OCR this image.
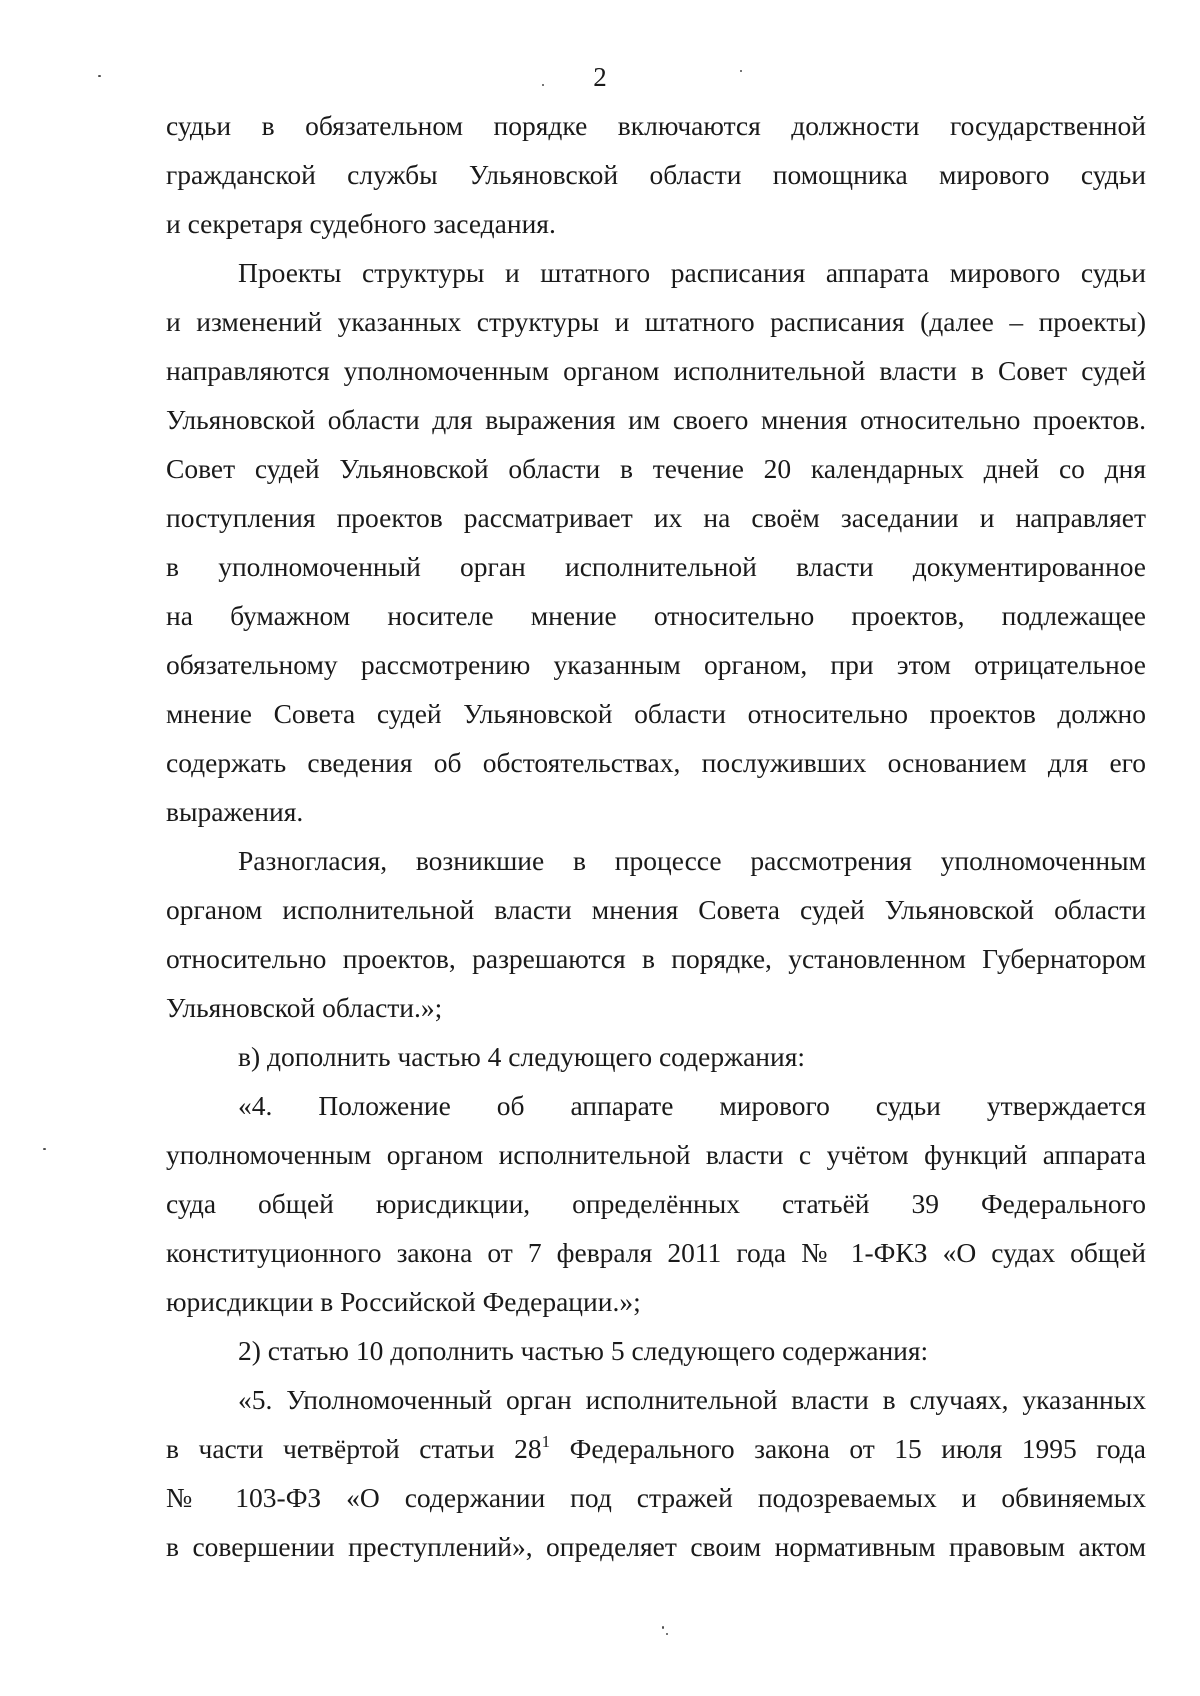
2
судьи в обязательном порядке включаются должности государственной
гражданской службы Ульяновской области помощника мирового судьи
и секретаря судебного заседания.
Проекты структуры и штатного расписания аппарата мирового судьи
и изменений указанных структуры и штатного расписания (далее – проекты)
направляются уполномоченным органом исполнительной власти в Совет судей
Ульяновской области для выражения им своего мнения относительно проектов.
Совет судей Ульяновской области в течение 20 календарных дней со дня
поступления проектов рассматривает их на своём заседании и направляет
в уполномоченный орган исполнительной власти документированное
на бумажном носителе мнение относительно проектов, подлежащее
обязательному рассмотрению указанным органом, при этом отрицательное
мнение Совета судей Ульяновской области относительно проектов должно
содержать сведения об обстоятельствах, послуживших основанием для его
выражения.
Разногласия, возникшие в процессе рассмотрения уполномоченным
органом исполнительной власти мнения Совета судей Ульяновской области
относительно проектов, разрешаются в порядке, установленном Губернатором
Ульяновской области.»;
в) дополнить частью 4 следующего содержания:
«4. Положение об аппарате мирового судьи утверждается
уполномоченным органом исполнительной власти с учётом функций аппарата
суда общей юрисдикции, определённых статьёй 39 Федерального
конституционного закона от 7 февраля 2011 года № 1-ФКЗ «О судах общей
юрисдикции в Российской Федерации.»;
2) статью 10 дополнить частью 5 следующего содержания:
«5. Уполномоченный орган исполнительной власти в случаях, указанных
в части четвёртой статьи $28^1$ Федерального закона от 15 июля 1995 года
№ 103-ФЗ «О содержании под стражей подозреваемых и обвиняемых
в совершении преступлений», определяет своим нормативным правовым актом
